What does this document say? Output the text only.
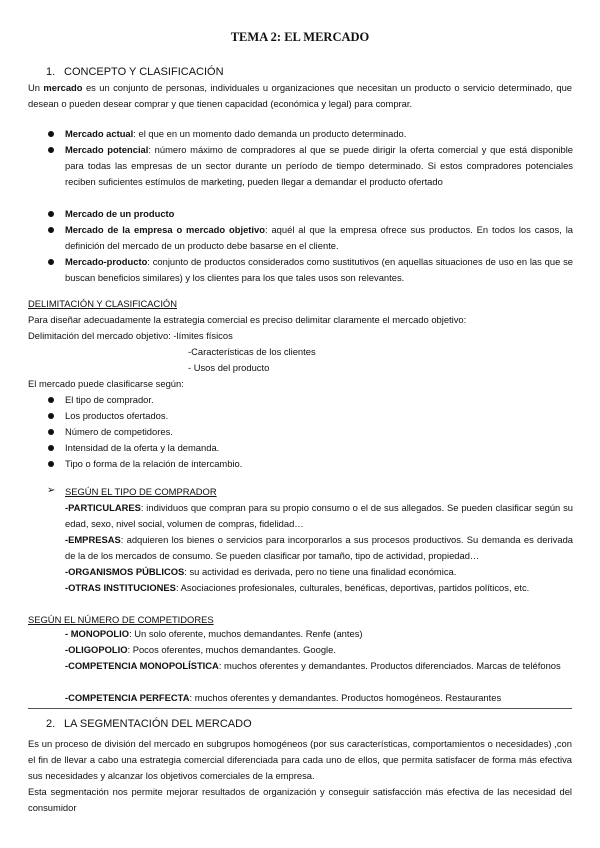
TEMA 2: EL MERCADO
1. CONCEPTO Y CLASIFICACIÓN
Un mercado es un conjunto de personas, individuales u organizaciones que necesitan un producto o servicio determinado, que desean o pueden desear comprar y que tienen capacidad (económica y legal) para comprar.
Mercado actual: el que en un momento dado demanda un producto determinado.
Mercado potencial: número máximo de compradores al que se puede dirigir la oferta comercial y que está disponible para todas las empresas de un sector durante un período de tiempo determinado. Si estos compradores potenciales reciben suficientes estímulos de marketing, pueden llegar a demandar el producto ofertado
Mercado de un producto
Mercado de la empresa o mercado objetivo: aquél al que la empresa ofrece sus productos. En todos los casos, la definición del mercado de un producto debe basarse en el cliente.
Mercado-producto: conjunto de productos considerados como sustitutivos (en aquellas situaciones de uso en las que se buscan beneficios similares) y los clientes para los que tales usos son relevantes.
DELIMITACIÓN Y CLASIFICACIÓN
Para diseñar adecuadamente la estrategia comercial es preciso delimitar claramente el mercado objetivo:
Delimitación del mercado objetivo: -límites físicos
-Características de los clientes
- Usos del producto
El mercado puede clasificarse según:
El tipo de comprador.
Los productos ofertados.
Número de competidores.
Intensidad de la oferta y la demanda.
Tipo o forma de la relación de intercambio.
➢ SEGÚN EL TIPO DE COMPRADOR
-PARTICULARES: individuos que compran para su propio consumo o el de sus allegados. Se pueden clasificar según su edad, sexo, nivel social, volumen de compras, fidelidad…
-EMPRESAS: adquieren los bienes o servicios para incorporarlos a sus procesos productivos. Su demanda es derivada de la de los mercados de consumo. Se pueden clasificar por tamaño, tipo de actividad, propiedad…
-ORGANISMOS PÚBLICOS: su actividad es derivada, pero no tiene una finalidad económica.
-OTRAS INSTITUCIONES: Asociaciones profesionales, culturales, benéficas, deportivas, partidos políticos, etc.
SEGÚN EL NÚMERO DE COMPETIDORES
- MONOPOLIO: Un solo oferente, muchos demandantes. Renfe (antes)
-OLIGOPOLIO: Pocos oferentes, muchos demandantes. Google.
-COMPETENCIA MONOPOLÍSTICA: muchos oferentes y demandantes. Productos diferenciados. Marcas de teléfonos
-COMPETENCIA PERFECTA: muchos oferentes y demandantes. Productos homogéneos. Restaurantes
2. LA SEGMENTACIÓN DEL MERCADO
Es un proceso de división del mercado en subgrupos homogéneos (por sus características, comportamientos o necesidades) ,con el fin de llevar a cabo una estrategia comercial diferenciada para cada uno de ellos, que permita satisfacer de forma más efectiva sus necesidades y alcanzar los objetivos comerciales de la empresa.
Esta segmentación nos permite mejorar resultados de organización y conseguir satisfacción más efectiva de las necesidad del consumidor
